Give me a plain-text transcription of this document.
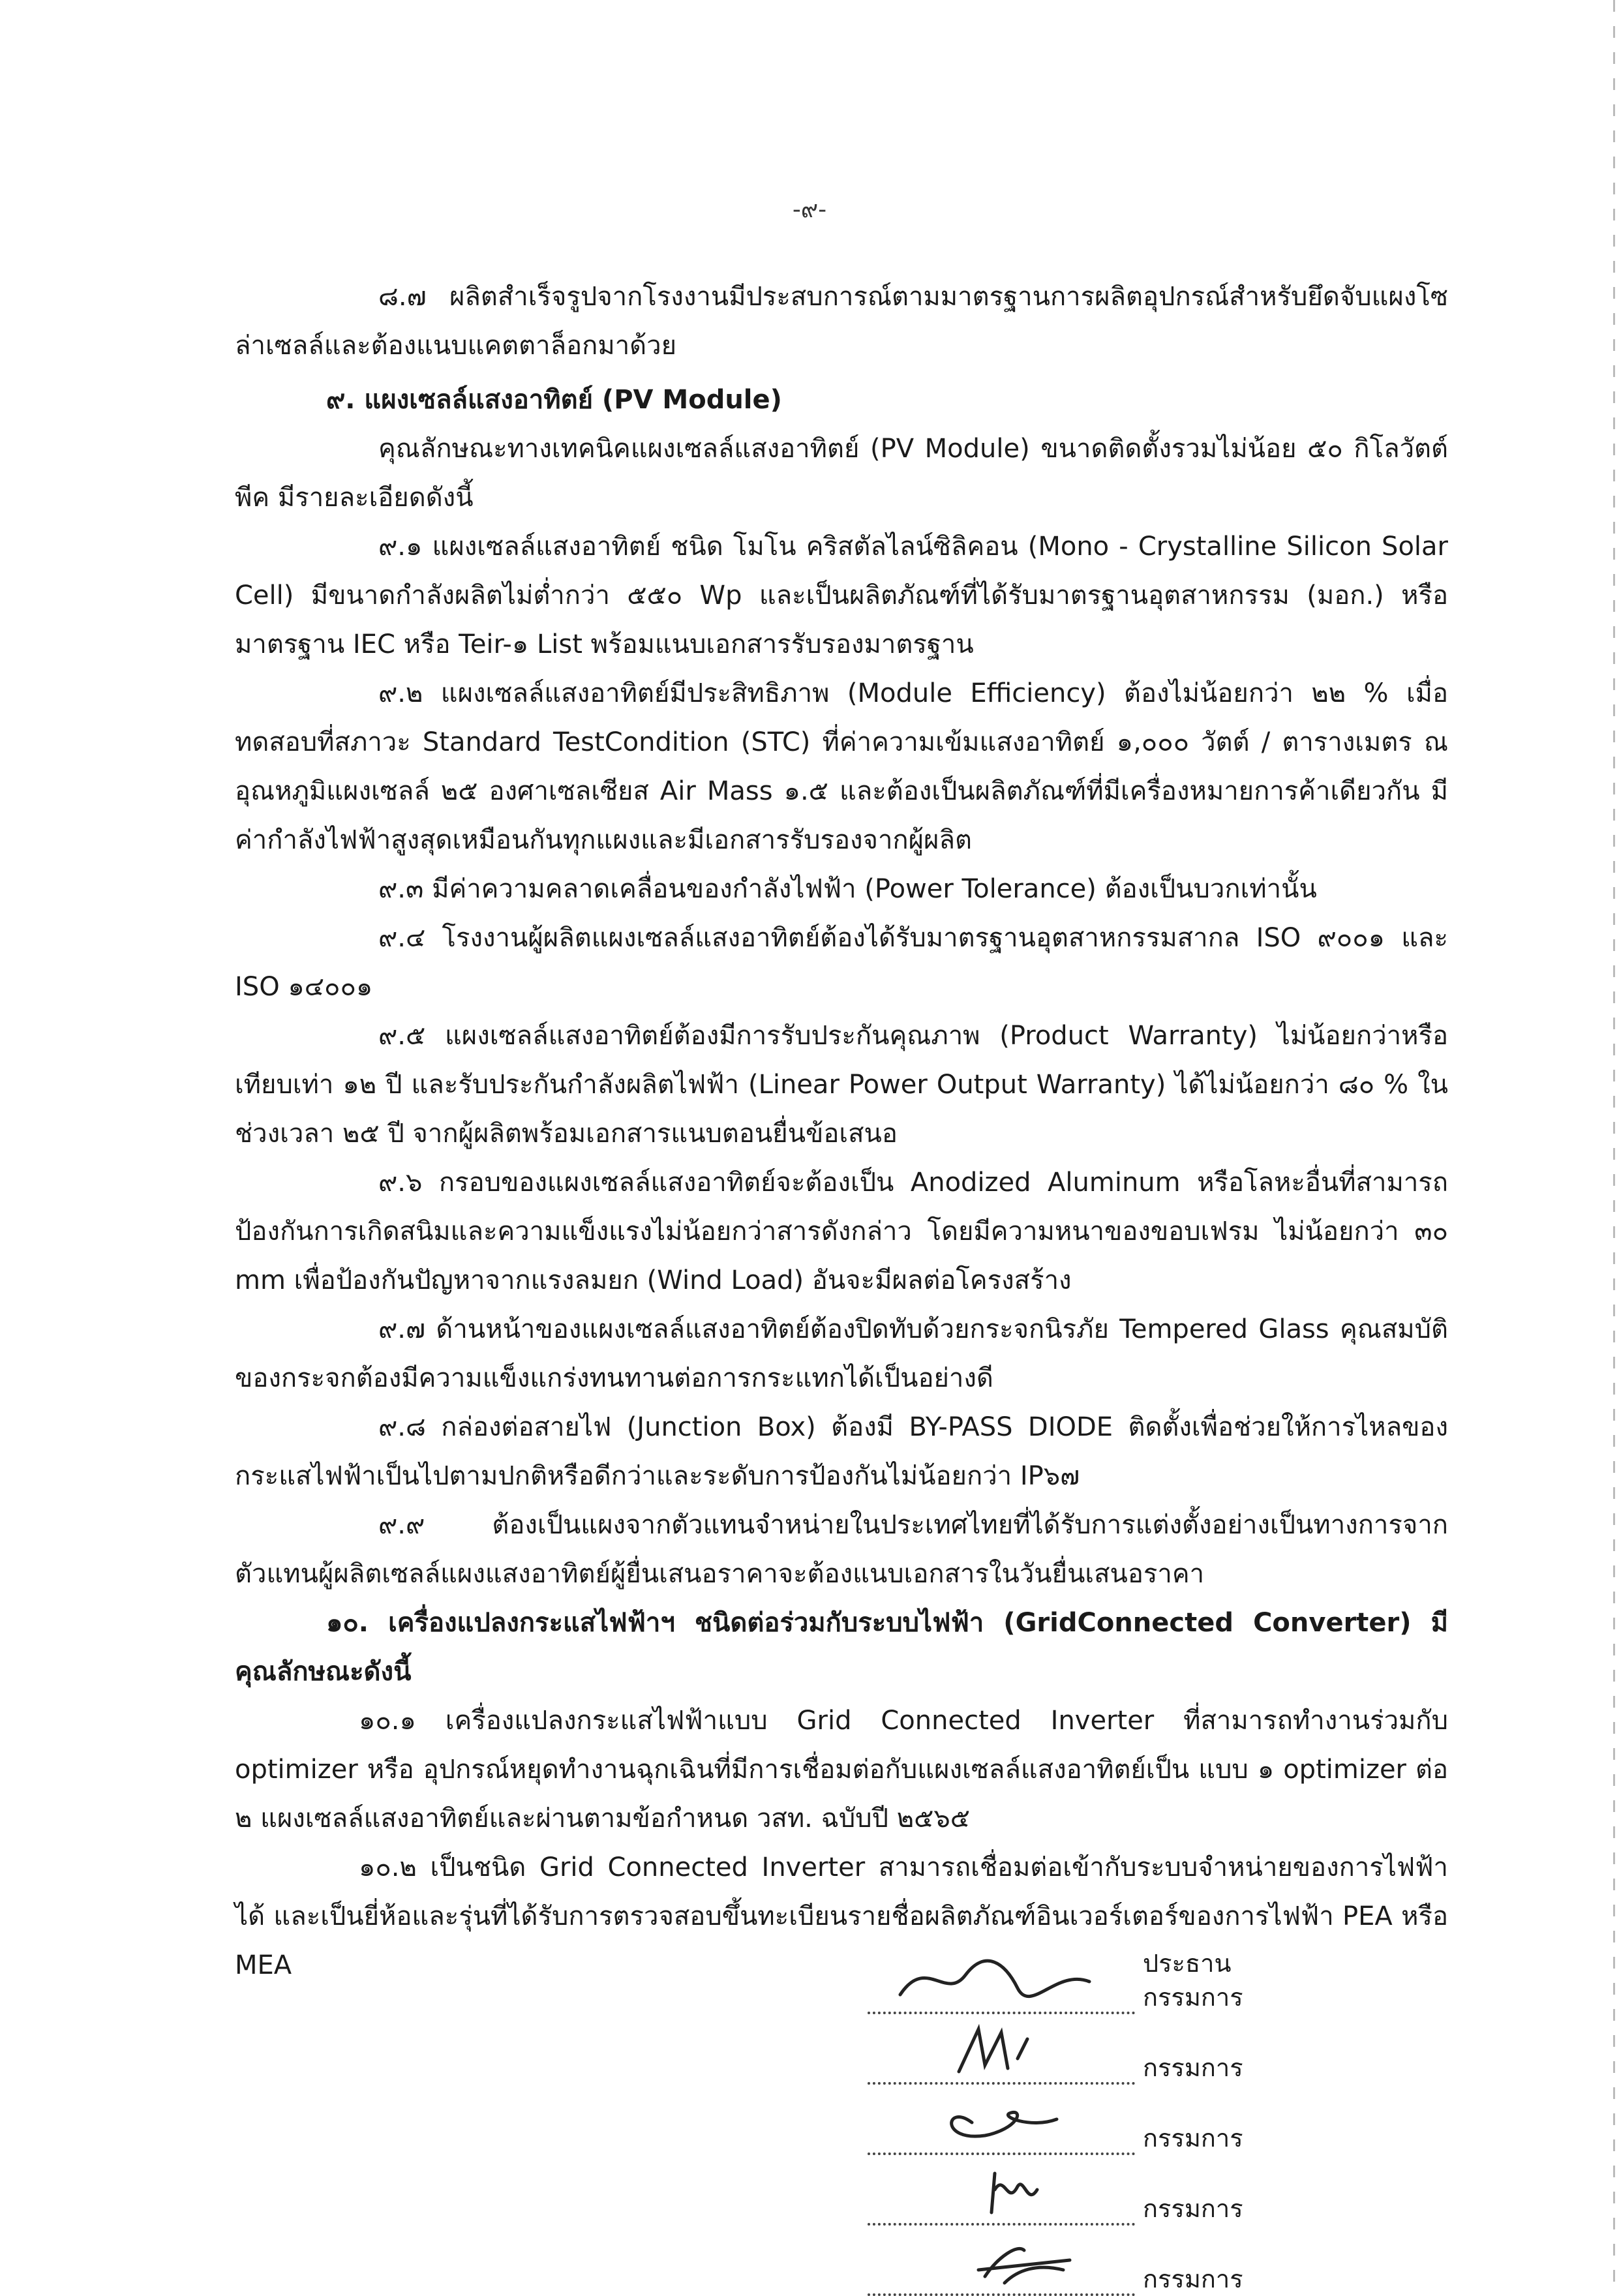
-๙-

๘.๗ ผลิตสำเร็จรูปจากโรงงานมีประสบการณ์ตามมาตรฐานการผลิตอุปกรณ์สำหรับยึดจับแผงโซล่าเซลล์และต้องแนบแคตตาล็อกมาด้วย

๙. แผงเซลล์แสงอาทิตย์ (PV Module)

คุณลักษณะทางเทคนิคแผงเซลล์แสงอาทิตย์ (PV Module) ขนาดติดตั้งรวมไม่น้อย ๕๐ กิโลวัตต์พีค มีรายละเอียดดังนี้

๙.๑ แผงเซลล์แสงอาทิตย์ ชนิด โมโน คริสตัลไลน์ซิลิคอน (Mono - Crystalline Silicon Solar Cell) มีขนาดกำลังผลิตไม่ต่ำกว่า ๕๕๐ Wp และเป็นผลิตภัณฑ์ที่ได้รับมาตรฐานอุตสาหกรรม (มอก.) หรือมาตรฐาน IEC หรือ Teir-๑ List พร้อมแนบเอกสารรับรองมาตรฐาน

๙.๒ แผงเซลล์แสงอาทิตย์มีประสิทธิภาพ (Module Efficiency) ต้องไม่น้อยกว่า ๒๒ % เมื่อทดสอบที่สภาวะ Standard TestCondition (STC) ที่ค่าความเข้มแสงอาทิตย์ ๑,๐๐๐ วัตต์ / ตารางเมตร ณ อุณหภูมิแผงเซลล์ ๒๕ องศาเซลเซียส Air Mass ๑.๕ และต้องเป็นผลิตภัณฑ์ที่มีเครื่องหมายการค้าเดียวกัน มีค่ากำลังไฟฟ้าสูงสุดเหมือนกันทุกแผงและมีเอกสารรับรองจากผู้ผลิต

๙.๓ มีค่าความคลาดเคลื่อนของกำลังไฟฟ้า (Power Tolerance) ต้องเป็นบวกเท่านั้น

๙.๔ โรงงานผู้ผลิตแผงเซลล์แสงอาทิตย์ต้องได้รับมาตรฐานอุตสาหกรรมสากล ISO ๙๐๐๑ และ ISO ๑๔๐๐๑

๙.๕ แผงเซลล์แสงอาทิตย์ต้องมีการรับประกันคุณภาพ (Product Warranty) ไม่น้อยกว่าหรือเทียบเท่า ๑๒ ปี และรับประกันกำลังผลิตไฟฟ้า (Linear Power Output Warranty) ได้ไม่น้อยกว่า ๘๐ % ในช่วงเวลา ๒๕ ปี จากผู้ผลิตพร้อมเอกสารแนบตอนยื่นข้อเสนอ

๙.๖ กรอบของแผงเซลล์แสงอาทิตย์จะต้องเป็น Anodized Aluminum หรือโลหะอื่นที่สามารถป้องกันการเกิดสนิมและความแข็งแรงไม่น้อยกว่าสารดังกล่าว โดยมีความหนาของขอบเฟรม ไม่น้อยกว่า ๓๐ mm เพื่อป้องกันปัญหาจากแรงลมยก (Wind Load) อันจะมีผลต่อโครงสร้าง

๙.๗ ด้านหน้าของแผงเซลล์แสงอาทิตย์ต้องปิดทับด้วยกระจกนิรภัย Tempered Glass คุณสมบัติของกระจกต้องมีความแข็งแกร่งทนทานต่อการกระแทกได้เป็นอย่างดี

๙.๘ กล่องต่อสายไฟ (Junction Box) ต้องมี BY-PASS DIODE ติดตั้งเพื่อช่วยให้การไหลของกระแสไฟฟ้าเป็นไปตามปกติหรือดีกว่าและระดับการป้องกันไม่น้อยกว่า IP๖๗

๙.๙ ต้องเป็นแผงจากตัวแทนจำหน่ายในประเทศไทยที่ได้รับการแต่งตั้งอย่างเป็นทางการจากตัวแทนผู้ผลิตเซลล์แผงแสงอาทิตย์ผู้ยื่นเสนอราคาจะต้องแนบเอกสารในวันยื่นเสนอราคา

๑๐. เครื่องแปลงกระแสไฟฟ้าฯ ชนิดต่อร่วมกับระบบไฟฟ้า (GridConnected Converter) มีคุณลักษณะดังนี้

๑๐.๑ เครื่องแปลงกระแสไฟฟ้าแบบ Grid Connected Inverter ที่สามารถทำงานร่วมกับ optimizer หรือ อุปกรณ์หยุดทำงานฉุกเฉินที่มีการเชื่อมต่อกับแผงเซลล์แสงอาทิตย์เป็น แบบ ๑ optimizer ต่อ ๒ แผงเซลล์แสงอาทิตย์และผ่านตามข้อกำหนด วสท. ฉบับปี ๒๕๖๕

๑๐.๒ เป็นชนิด Grid Connected Inverter สามารถเชื่อมต่อเข้ากับระบบจำหน่ายของการไฟฟ้าได้ และเป็นยี่ห้อและรุ่นที่ได้รับการตรวจสอบขึ้นทะเบียนรายชื่อผลิตภัณฑ์อินเวอร์เตอร์ของการไฟฟ้า PEA หรือ MEA	ประธานกรรมการ
กรรมการ
กรรมการ
กรรมการ
กรรมการ
